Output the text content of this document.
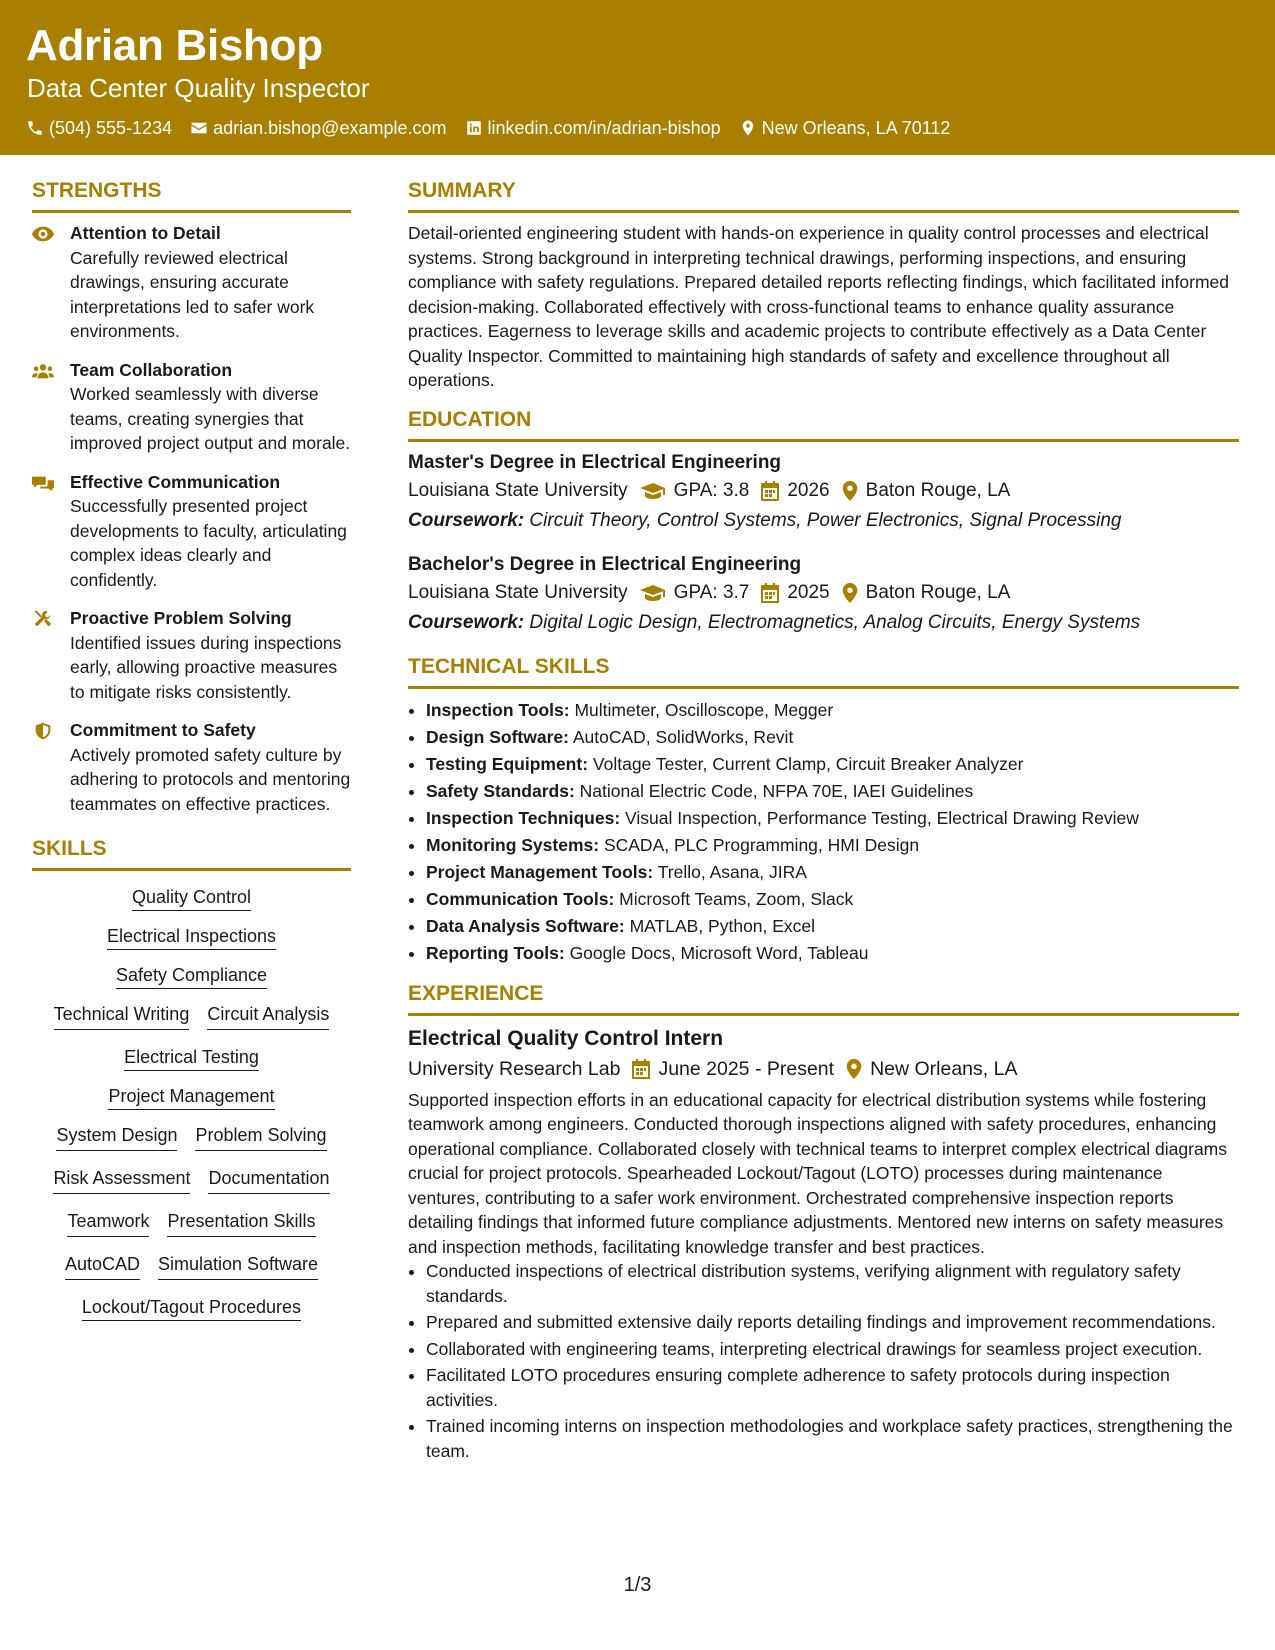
Adrian Bishop
Data Center Quality Inspector
(504) 555-1234 adrian.bishop@example.com linkedin.com/in/adrian-bishop New Orleans, LA 70112
STRENGTHS
Attention to Detail
Carefully reviewed electrical drawings, ensuring accurate interpretations led to safer work environments.
Team Collaboration
Worked seamlessly with diverse teams, creating synergies that improved project output and morale.
Effective Communication
Successfully presented project developments to faculty, articulating complex ideas clearly and confidently.
Proactive Problem Solving
Identified issues during inspections early, allowing proactive measures to mitigate risks consistently.
Commitment to Safety
Actively promoted safety culture by adhering to protocols and mentoring teammates on effective practices.
SKILLS
Quality Control
Electrical Inspections
Safety Compliance
Technical Writing Circuit Analysis
Electrical Testing
Project Management
System Design Problem Solving
Risk Assessment Documentation
Teamwork Presentation Skills
AutoCAD Simulation Software
Lockout/Tagout Procedures
SUMMARY
Detail-oriented engineering student with hands-on experience in quality control processes and electrical systems. Strong background in interpreting technical drawings, performing inspections, and ensuring compliance with safety regulations. Prepared detailed reports reflecting findings, which facilitated informed decision-making. Collaborated effectively with cross-functional teams to enhance quality assurance practices. Eagerness to leverage skills and academic projects to contribute effectively as a Data Center Quality Inspector. Committed to maintaining high standards of safety and excellence throughout all operations.
EDUCATION
Master's Degree in Electrical Engineering
Louisiana State University GPA: 3.8 2026 Baton Rouge, LA
Coursework: Circuit Theory, Control Systems, Power Electronics, Signal Processing
Bachelor's Degree in Electrical Engineering
Louisiana State University GPA: 3.7 2025 Baton Rouge, LA
Coursework: Digital Logic Design, Electromagnetics, Analog Circuits, Energy Systems
TECHNICAL SKILLS
• Inspection Tools: Multimeter, Oscilloscope, Megger
• Design Software: AutoCAD, SolidWorks, Revit
• Testing Equipment: Voltage Tester, Current Clamp, Circuit Breaker Analyzer
• Safety Standards: National Electric Code, NFPA 70E, IAEI Guidelines
• Inspection Techniques: Visual Inspection, Performance Testing, Electrical Drawing Review
• Monitoring Systems: SCADA, PLC Programming, HMI Design
• Project Management Tools: Trello, Asana, JIRA
• Communication Tools: Microsoft Teams, Zoom, Slack
• Data Analysis Software: MATLAB, Python, Excel
• Reporting Tools: Google Docs, Microsoft Word, Tableau
EXPERIENCE
Electrical Quality Control Intern
University Research Lab June 2025 - Present New Orleans, LA
Supported inspection efforts in an educational capacity for electrical distribution systems while fostering teamwork among engineers. Conducted thorough inspections aligned with safety procedures, enhancing operational compliance. Collaborated closely with technical teams to interpret complex electrical diagrams crucial for project protocols. Spearheaded Lockout/Tagout (LOTO) processes during maintenance ventures, contributing to a safer work environment. Orchestrated comprehensive inspection reports detailing findings that informed future compliance adjustments. Mentored new interns on safety measures and inspection methods, facilitating knowledge transfer and best practices.
• Conducted inspections of electrical distribution systems, verifying alignment with regulatory safety standards.
• Prepared and submitted extensive daily reports detailing findings and improvement recommendations.
• Collaborated with engineering teams, interpreting electrical drawings for seamless project execution.
• Facilitated LOTO procedures ensuring complete adherence to safety protocols during inspection activities.
• Trained incoming interns on inspection methodologies and workplace safety practices, strengthening the team.
1/3
